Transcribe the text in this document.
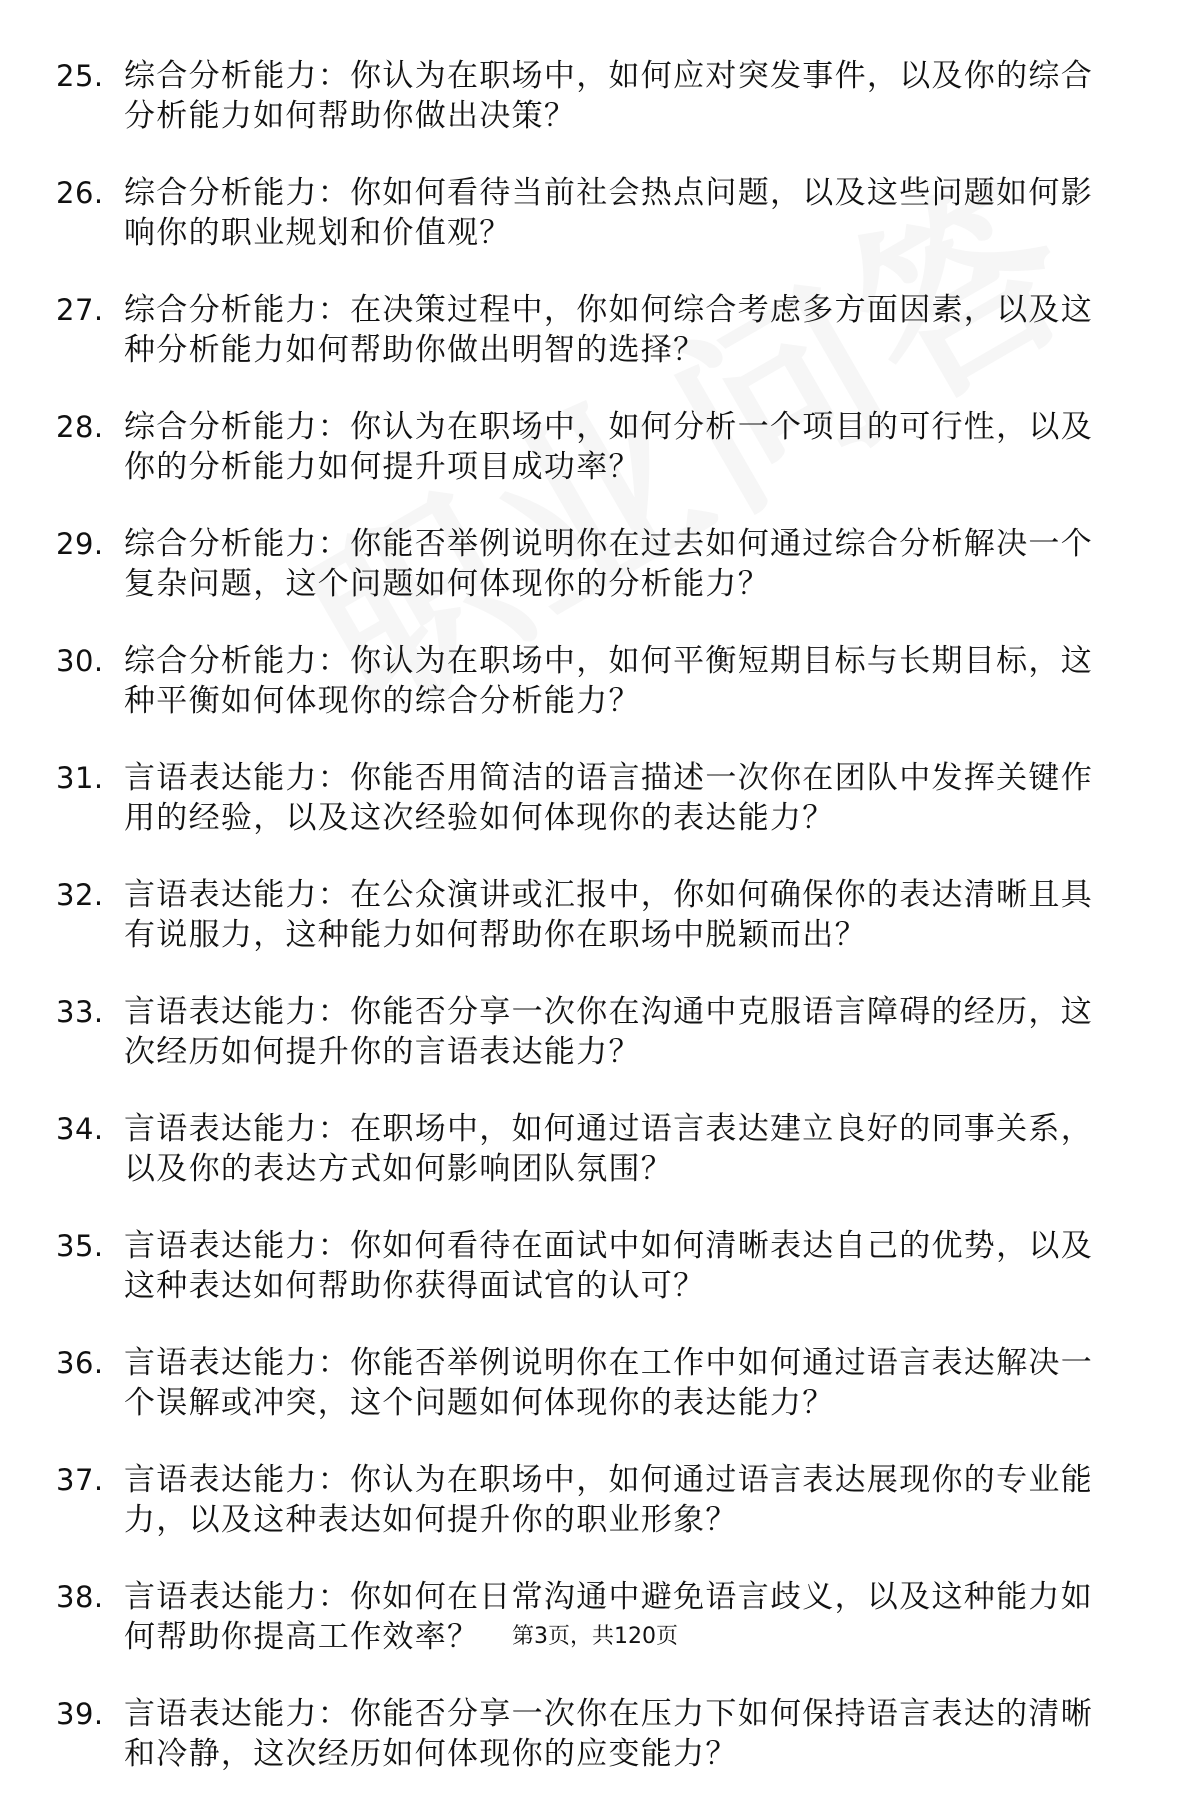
25. 综合分析能力：你认为在职场中，如何应对突发事件，以及你的综合分析能力如何帮助你做出决策？
26. 综合分析能力：你如何看待当前社会热点问题，以及这些问题如何影响你的职业规划和价值观？
27. 综合分析能力：在决策过程中，你如何综合考虑多方面因素，以及这种分析能力如何帮助你做出明智的选择？
28. 综合分析能力：你认为在职场中，如何分析一个项目的可行性，以及你的分析能力如何提升项目成功率？
29. 综合分析能力：你能否举例说明你在过去如何通过综合分析解决一个复杂问题，这个问题如何体现你的分析能力？
30. 综合分析能力：你认为在职场中，如何平衡短期目标与长期目标，这种平衡如何体现你的综合分析能力？
31. 言语表达能力：你能否用简洁的语言描述一次你在团队中发挥关键作用的经验，以及这次经验如何体现你的表达能力？
32. 言语表达能力：在公众演讲或汇报中，你如何确保你的表达清晰且具有说服力，这种能力如何帮助你在职场中脱颖而出？
33. 言语表达能力：你能否分享一次你在沟通中克服语言障碍的经历，这次经历如何提升你的言语表达能力？
34. 言语表达能力：在职场中，如何通过语言表达建立良好的同事关系，以及你的表达方式如何影响团队氛围？
35. 言语表达能力：你如何看待在面试中如何清晰表达自己的优势，以及这种表达如何帮助你获得面试官的认可？
36. 言语表达能力：你能否举例说明你在工作中如何通过语言表达解决一个误解或冲突，这个问题如何体现你的表达能力？
37. 言语表达能力：你认为在职场中，如何通过语言表达展现你的专业能力，以及这种表达如何提升你的职业形象？
38. 言语表达能力：你如何在日常沟通中避免语言歧义，以及这种能力如何帮助你提高工作效率？
39. 言语表达能力：你能否分享一次你在压力下如何保持语言表达的清晰和冷静，这次经历如何体现你的应变能力？
第3页，共120页
